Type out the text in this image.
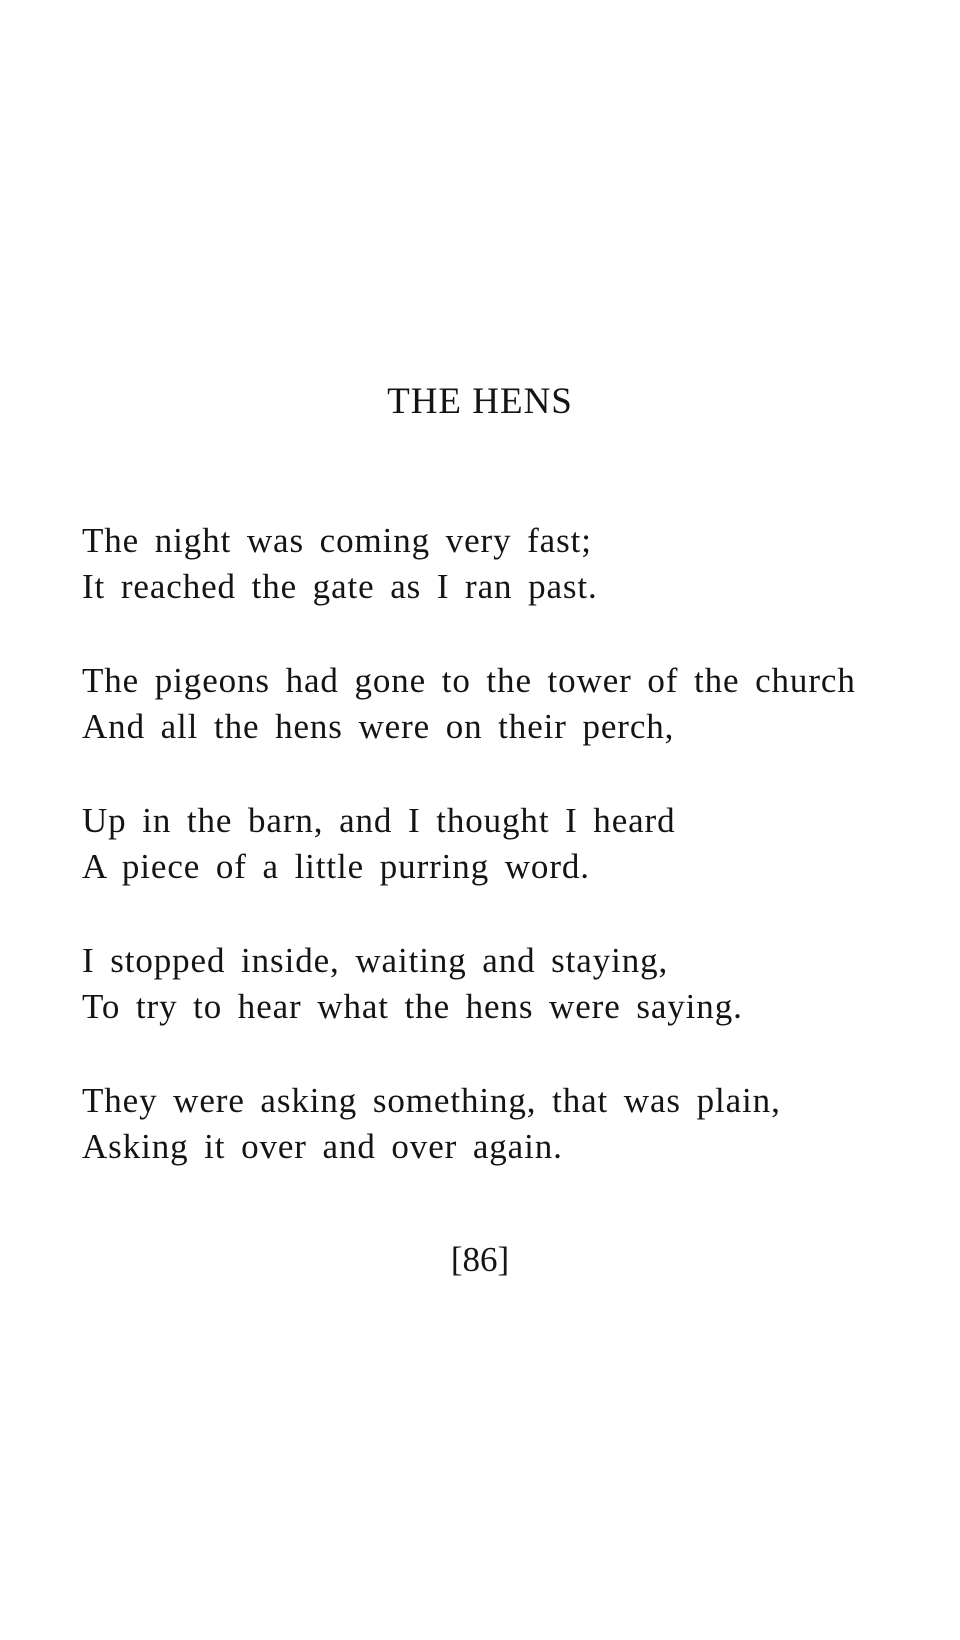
THE HENS
The night was coming very fast;
It reached the gate as I ran past.
The pigeons had gone to the tower of the church
And all the hens were on their perch,
Up in the barn, and I thought I heard
A piece of a little purring word.
I stopped inside, waiting and staying,
To try to hear what the hens were saying.
They were asking something, that was plain,
Asking it over and over again.
[86]
